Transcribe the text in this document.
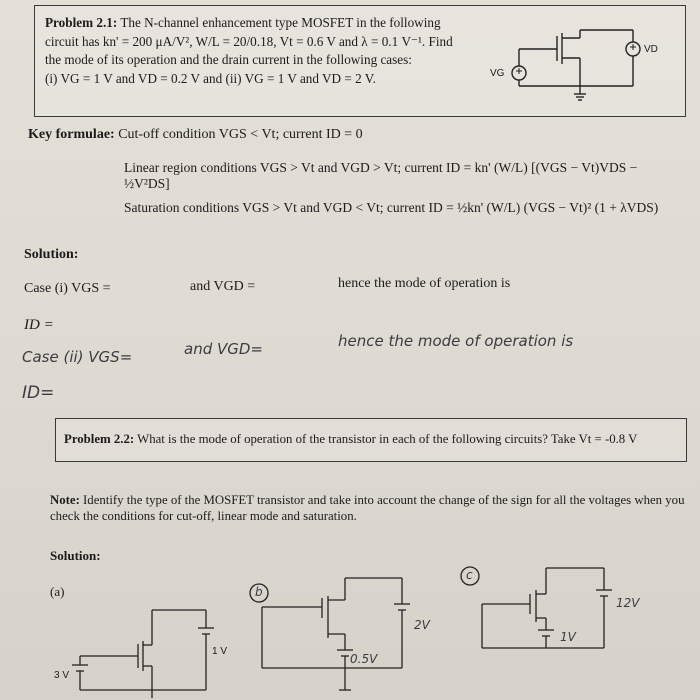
Problem 2.1: The N-channel enhancement type MOSFET in the following
circuit has kn' = 200 μA/V², W/L = 20/0.18, Vt = 0.6 V and λ = 0.1 V⁻¹. Find
the mode of its operation and the drain current in the following cases:
(i) VG = 1 V and VD = 0.2 V and (ii) VG = 1 V and VD = 2 V.	VG
VD
Key formulae: Cut-off condition VGS < Vt; current ID = 0
Linear region conditions VGS > Vt and VGD > Vt; current ID = kn' (W/L) [(VGS − Vt)VDS − ½V²DS]
Saturation conditions VGS > Vt and VGD < Vt; current ID = ½kn' (W/L) (VGS − Vt)² (1 + λVDS)
Solution:
Case (i) VGS =	and VGD =	hence the mode of operation is
ID =
Case (ii) VGS=	and VGD=	hence the mode of operation is
ID=
Problem 2.2: What is the mode of operation of the transistor in each of the following circuits? Take Vt = -0.8 V
Note: Identify the type of the MOSFET transistor and take into account the change of the sign for all the voltages when you check the conditions for cut-off, linear mode and saturation.
Solution:
(a)
1 V
3 V
b
2V
0.5V
c
12V
1V
